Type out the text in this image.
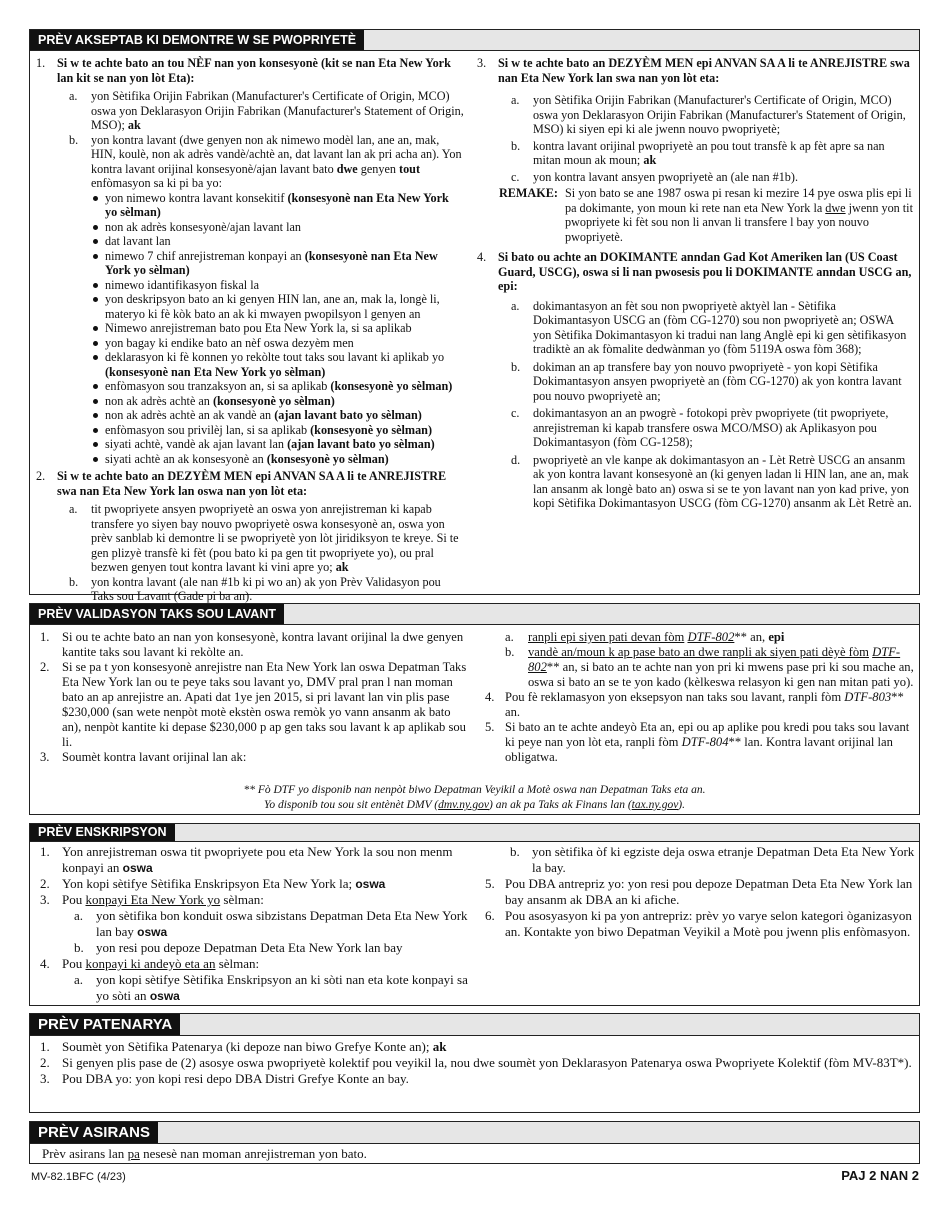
PRÈV AKSEPTAB KI DEMONTRE W SE PWOPRIYETÈ
1. Si w te achte bato an tou NÈF nan yon konsesyonè (kit se nan Eta New York lan kit se nan yon lòt Eta):
a.	yon Sètifika Orijin Fabrikan (Manufacturer's Certificate of Origin, MCO) oswa yon Deklarasyon Orijin Fabrikan (Manufacturer's Statement of Origin, MSO); ak
b.	yon kontra lavant (dwe genyen non ak nimewo modèl lan, ane an, mak, HIN, koulè, non ak adrès vandè/achtè an, dat lavant lan ak pri acha an). Yon kontra lavant orijinal konsesyonè/ajan lavant bato dwe genyen tout enfòmasyon sa ki pi ba yo:
yon nimewo kontra lavant konsekitif (konsesyonè nan Eta New York yo sèlman)
non ak adrès konsesyonè/ajan lavant lan
dat lavant lan
nimewo 7 chif anrejistreman konpayi an (konsesyonè nan Eta New York yo sèlman)
nimewo idantifikasyon fiskal la
yon deskripsyon bato an ki genyen HIN lan, ane an, mak la, longè li, materyo ki fè kòk bato an ak ki mwayen pwopilsyon l genyen an
Nimewo anrejistreman bato pou Eta New York la, si sa aplikab
yon bagay ki endike bato an nèf oswa dezyèm men
deklarasyon ki fè konnen yo rekòlte tout taks sou lavant ki aplikab yo (konsesyonè nan Eta New York yo sèlman)
enfòmasyon sou tranzaksyon an, si sa aplikab (konsesyonè yo sèlman)
non ak adrès achtè an (konsesyonè yo sèlman)
non ak adrès achtè an ak vandè an (ajan lavant bato yo sèlman)
enfòmasyon sou privilèj lan, si sa aplikab (konsesyonè yo sèlman)
siyati achtè, vandè ak ajan lavant lan (ajan lavant bato yo sèlman)
siyati achtè an ak konsesyonè an (konsesyonè yo sèlman)
2. Si w te achte bato an DEZYÈM MEN epi ANVAN SA A li te ANREJISTRE swa nan Eta New York lan oswa nan yon lòt eta:
a.	tit pwopriyete ansyen pwopriyetè an oswa yon anrejistreman ki kapab transfere yo siyen bay nouvo pwopriyetè oswa konsesyonè an, oswa yon prèv sanblab ki demontre li se pwopriyetè yon lòt jiridiksyon te kreye. Si te gen plizyè transfè ki fèt (pou bato ki pa gen tit pwopriyete yo), ou pral bezwen genyen tout kontra lavant ki vini apre yo; ak
b.	yon kontra lavant (ale nan #1b ki pi wo an) ak yon Prèv Validasyon pou Taks sou Lavant (Gade pi ba an).
3. Si w te achte bato an DEZYÈM MEN epi ANVAN SA A li te ANREJISTRE swa nan Eta New York lan swa nan yon lòt eta:
a.	yon Sètifika Orijin Fabrikan (Manufacturer's Certificate of Origin, MCO) oswa yon Deklarasyon Orijin Fabrikan (Manufacturer's Statement of Origin, MSO) ki siyen epi ki ale jwenn nouvo pwopriyetè;
b.	kontra lavant orijinal pwopriyetè an pou tout transfè k ap fèt apre sa nan mitan moun ak moun; ak
c.	yon kontra lavant ansyen pwopriyetè an (ale nan #1b).
REMAKE: Si yon bato se ane 1987 oswa pi resan ki mezire 14 pye oswa plis epi li pa dokimante, yon moun ki rete nan eta New York la dwe jwenn yon tit pwopriyete ki fèt sou non li anvan li transfere l bay yon nouvo pwopriyetè.
4. Si bato ou achte an DOKIMANTE anndan Gad Kot Ameriken lan (US Coast Guard, USCG), oswa si li nan pwosesis pou li DOKIMANTE anndan USCG an, epi:
a.	dokimantasyon an fèt sou non pwopriyetè aktyèl lan - Sètifika Dokimantasyon USCG an (fòm CG-1270) sou non pwopriyetè an; OSWA yon Sètifika Dokimantasyon ki tradui nan lang Anglè epi ki gen sètifikasyon tradiktè an ak fòmalite dedwànman yo (fòm 5119A oswa fòm 368);
b.	dokiman an ap transfere bay yon nouvo pwopriyetè - yon kopi Sètifika Dokimantasyon ansyen pwopriyetè an (fòm CG-1270) ak yon kontra lavant pou nouvo pwopriyetè an;
c.	dokimantasyon an an pwogrè - fotokopi prèv pwopriyete (tit pwopriyete, anrejistreman ki kapab transfere oswa MCO/MSO) ak Aplikasyon pou Dokimantasyon (fòm CG-1258);
d.	pwopriyetè an vle kanpe ak dokimantasyon an - Lèt Retrè USCG an ansanm ak yon kontra lavant konsesyonè an (ki genyen ladan li HIN lan, ane an, mak lan ansanm ak longè bato an) oswa si se te yon lavant nan yon kad prive, yon kopi Sètifika Dokimantasyon USCG (fòm CG-1270) ansanm ak Lèt Retrè an.
PRÈV VALIDASYON TAKS SOU LAVANT
1. Si ou te achte bato an nan yon konsesyonè, kontra lavant orijinal la dwe genyen kantite taks sou lavant ki rekòlte an.
2. Si se pa t yon konsesyonè anrejistre nan Eta New York lan oswa Depatman Taks Eta New York lan ou te peye taks sou lavant yo, DMV pral pran l nan moman bato an ap anrejistre an. Apati dat 1ye jen 2015, si pri lavant lan vin plis pase $230,000 (san wete nenpòt motè ekstèn oswa remòk yo vann ansanm ak bato an), nenpòt kantite ki depase $230,000 p ap gen taks sou lavant k ap aplikab sou li.
3. Soumèt kontra lavant orijinal lan ak:
a.	ranpli epi siyen pati devan fòm DTF-802** an, epi
b.	vandè an/moun k ap pase bato an dwe ranpli ak siyen pati dèyè fòm DTF-802** an, si bato an te achte nan yon pri ki mwens pase pri ki sou mache an, oswa si bato an se te yon kado (kèlkeswa relasyon ki gen nan mitan pati yo).
4. Pou fè reklamasyon yon eksepsyon nan taks sou lavant, ranpli fòm DTF-803** an.
5. Si bato an te achte andeyò Eta an, epi ou ap aplike pou kredi pou taks sou lavant ki peye nan yon lòt eta, ranpli fòm DTF-804** lan. Kontra lavant orijinal lan obligatwa.
** Fò DTF yo disponib nan nenpòt biwo Depatman Veyikil a Motè oswa nan Depatman Taks eta an.
Yo disponib tou sou sit entènèt DMV (dmv.ny.gov) an ak pa Taks ak Finans lan (tax.ny.gov).
PRÈV ENSKRIPSYON
1. Yon anrejistreman oswa tit pwopriyete pou eta New York la sou non menm konpayi an oswa
2. Yon kopi sètifye Sètifika Enskripsyon Eta New York la; oswa
3. Pou konpayi Eta New York yo sèlman:
a. yon sètifika bon konduit oswa sibzistans Depatman Deta Eta New York lan bay oswa
b. yon resi pou depoze Depatman Deta Eta New York lan bay
4. Pou konpayi ki andeyò eta an sèlman:
a. yon kopi sètifye Sètifika Enskripsyon an ki sòti nan eta kote konpayi sa yo sòti an oswa
b. yon sètifika òf ki egziste deja oswa etranje Depatman Deta Eta New York la bay.
5. Pou DBA antrepriz yo: yon resi pou depoze Depatman Deta Eta New York lan bay ansanm ak DBA an ki afiche.
6. Pou asosyasyon ki pa yon antrepriz: prèv yo varye selon kategori òganizasyon an. Kontakte yon biwo Depatman Veyikil a Motè pou jwenn plis enfòmasyon.
PRÈV PATENARYA
1. Soumèt yon Sètifika Patenarya (ki depoze nan biwo Grefye Konte an); ak
2. Si genyen plis pase de (2) asosye oswa pwopriyetè kolektif pou veyikil la, nou dwe soumèt yon Deklarasyon Patenarya oswa Pwopriyete Kolektif (fòm MV-83T*).
3. Pou DBA yo: yon kopi resi depo DBA Distri Grefye Konte an bay.
PRÈV ASIRANS
Prèv asirans lan pa nesesè nan moman anrejistreman yon bato.
MV-82.1BFC (4/23)	PAJ 2 NAN 2
